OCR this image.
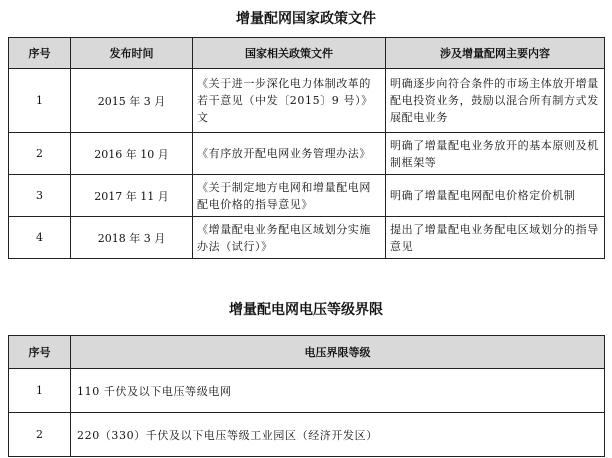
增量配网国家政策文件
序号	发布时间	国家相关政策文件	涉及增量配网主要内容
1	2015 年 3 月	《关于进一步深化电力体制改革的若干意见（中发〔2015〕9 号）》文	明确逐步向符合条件的市场主体放开增量配电投资业务，鼓励以混合所有制方式发展配电业务
2	2016 年 10 月	《有序放开配电网业务管理办法》	明确了增量配电业务放开的基本原则及机制框架等
3	2017 年 11 月	《关于制定地方电网和增量配电网配电价格的指导意见》	明确了增量配电网配电价格定价机制
4	2018 年 3 月	《增量配电业务配电区域划分实施办法（试行）》	提出了增量配电业务配电区域划分的指导意见
增量配电网电压等级界限
序号	电压界限等级
1	110 千伏及以下电压等级电网
2	220（330）千伏及以下电压等级工业园区（经济开发区）
